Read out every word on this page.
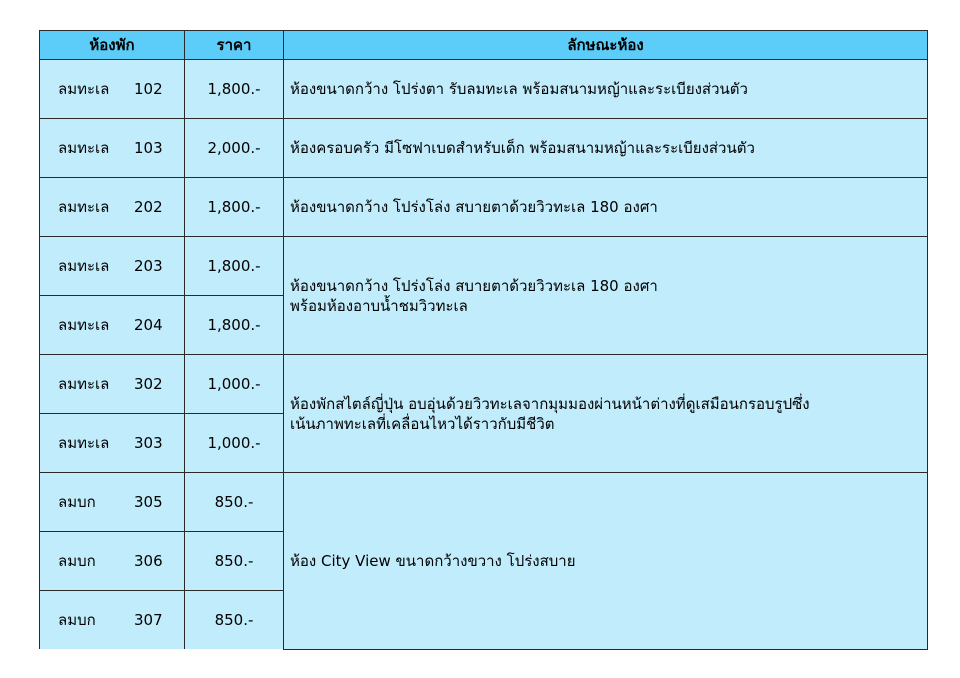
ห้องพัก	ราคา	ลักษณะห้อง

ลมทะเล 102	1,800.-	ห้องขนาดกว้าง โปร่งตา รับลมทะเล พร้อมสนามหญ้าและระเบียงส่วนตัว

ลมทะเล 103	2,000.-	ห้องครอบครัว มีโซฟาเบดสำหรับเด็ก พร้อมสนามหญ้าและระเบียงส่วนตัว

ลมทะเล 202	1,800.-	ห้องขนาดกว้าง โปร่งโล่ง สบายตาด้วยวิวทะเล 180 องศา

ลมทะเล 203	1,800.-	ห้องขนาดกว้าง โปร่งโล่ง สบายตาด้วยวิวทะเล 180 องศา
พร้อมห้องอาบน้ำชมวิวทะเล

ลมทะเล 204	1,800.-	

ลมทะเล 302	1,000.-	ห้องพักสไตล์ญี่ปุ่น อบอุ่นด้วยวิวทะเลจากมุมมองผ่านหน้าต่างที่ดูเสมือนกรอบรูปซึ่ง
เน้นภาพทะเลที่เคลื่อนไหวได้ราวกับมีชีวิต

ลมทะเล 303	1,000.-	

ลมบก 305	850.-	ห้อง City View ขนาดกว้างขวาง โปร่งสบาย

ลมบก 306	850.-	

ลมบก 307	850.-	
